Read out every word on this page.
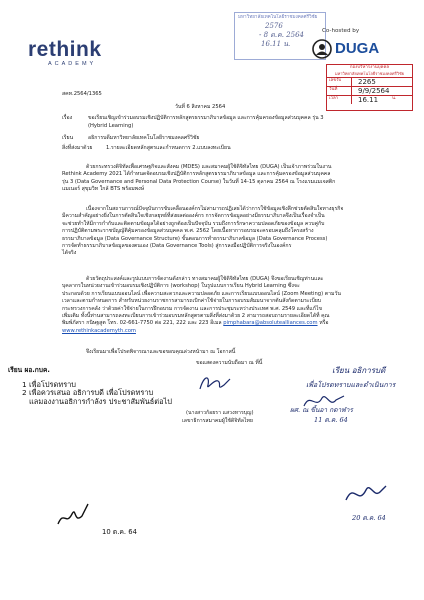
rethink
ACADEMY
มหาวิทยาลัยเทคโนโลยีราชมงคลศรีวิชัย
2576
- 8 ต.ค. 2564
16.11 น.
Co-hosted by
DUGA
กองบริหารงานบุคคล
มหาวิทยาลัยเทคโนโลยีราชมงคลศรีวิชัย
เลขรับ	2265
วันที่	9/9/2564
เวลา	16.11	น.
สคท.2564/1365
วันที่ 6 สิงหาคม 2564
เรื่อง	ขอเรียนเชิญเข้าร่วมอบรมเชิงปฏิบัติการหลักสูตรธรรมาภิบาลข้อมูล และการคุ้มครองข้อมูลส่วนบุคคล รุ่น 3
(Hybrid Learning)
เรียน	อธิการบดีมหาวิทยาลัยเทคโนโลยีราชมงคลศรีวิชัย
สิ่งที่ส่งมาด้วย	1.รายละเอียดหลักสูตรและกำหนดการ 2.แบบลงทะเบียน
ด้วยกระทรวงดิจิทัลเพื่อเศรษฐกิจและสังคม (MDES) และสมาคมผู้ใช้ดิจิทัลไทย (DUGA) เป็นเจ้าภาพร่วมในงาน
Rethink Academy 2021 ได้กำหนดจัดอบรมเชิงปฏิบัติการหลักสูตรธรรมาภิบาลข้อมูล และการคุ้มครองข้อมูลส่วนบุคคล
รุ่น 3 (Data Governance and Personal Data Protection Course) ในวันที่ 14-15 ตุลาคม 2564 ณ โรงแรมแมเจสติก
แมเนอร์ สุขุมวิท ใกล้ BTS พร้อมพงษ์
เนื่องจากในสถานการณ์ปัจจุบันการขับเคลื่อนองค์กรไม่สามารถปฏิเสธได้ว่าการใช้ข้อมูลเชิงลึกช่วยตัดสินใจทางธุรกิจ
มีความสำคัญอย่างยิ่งในการตัดสินใจเชิงกลยุทธ์ที่ส่งผลต่อองค์กร การจัดการข้อมูลอย่างมีธรรมาภิบาลจึงเป็นเรื่องจำเป็น
จะช่วยทำให้มีการกำกับและติดตามข้อมูลได้อย่างถูกต้องเป็นปัจจุบัน รวมถึงการรักษาความปลอดภัยของข้อมูล ควบคู่กับ
การปฏิบัติตามพระราชบัญญัติคุ้มครองข้อมูลส่วนบุคคล พ.ศ. 2562 โดยเนื้อหาการอบรมจะครอบคลุมถึงโครงสร้าง
ธรรมาภิบาลข้อมูล (Data Governance Structure) ขั้นตอนการทำธรรมาภิบาลข้อมูล (Data Governance Process)
การจัดทำธรรมาภิบาลข้อมูลของตนเอง (Data Governance Tools) สู่การลงมือปฏิบัติการจริงในองค์กร
ได้จริง
ด้วยวัตถุประสงค์และรูปแบบการจัดงานดังกล่าว ทางสมาคมผู้ใช้ดิจิทัลไทย (DUGA) จึงขอเรียนเชิญท่านและ
บุคลากรในหน่วยงานเข้าร่วมอบรมเชิงปฏิบัติการ (workshop) ในรูปแบบการเรียน Hybrid Learning ซึ่งจะ
ประกอบด้วย การเรียนแบบออนไลน์ เพื่อความสะดวกและความปลอดภัย และการเรียนแบบออนไลน์ (Zoom Meeting) ตามวัน
เวลาและตามกำหนดการ สำหรับหน่วยงานราชการสามารถเบิกค่าใช้จ่ายในการอบรมสัมมนาจากต้นสังกัดตามระเบียบ
กระทรวงการคลัง ว่าด้วยค่าใช้จ่ายในการฝึกอบรม การจัดงาน และการประชุมระหว่างประเทศ พ.ศ. 2549 และที่แก้ไข
เพิ่มเติม ทั้งนี้ท่านสามารถลงทะเบียนการเข้าร่วมอบรมหลักสูตรตามสิ่งที่ส่งมาด้วย 2 สามารถสอบถามรายละเอียดได้ที่ คุณ
พิมพ์ภัสรา กนิษฐสูต โทร. 02-661-7750 ต่อ 221, 222 และ 223 อีเมล pimphabara@absolutealliances.com หรือ
www.rethinkacademyth.com
จึงเรียนมาเพื่อโปรดพิจารณาและขอขอบคุณล่วงหน้ามา ณ โอกาสนี้
ขอแสดงความนับถือมา ณ ที่นี้
(นางสาวก้อยรา แสวงหารบุญ)
เลขาธิการสมาคมผู้ใช้ดิจิทัลไทย
เรียน ผอ.กบค.
1 เพื่อโปรดทราบ
2 เพื่อควรเสนอ อธิการบดี เพื่อโปรดทราบ
แลมองงานอธิการกำลังร ประชาสัมพันธ์ต่อไป
10 ต.ค. 64
เรียน อธิการบดี
เพื่อโปรดทราบและดำเนินการ
ผศ. ณ ขึ้นอา กดาฬาร
11 ต.ค. 64
20 ต.ค. 64
